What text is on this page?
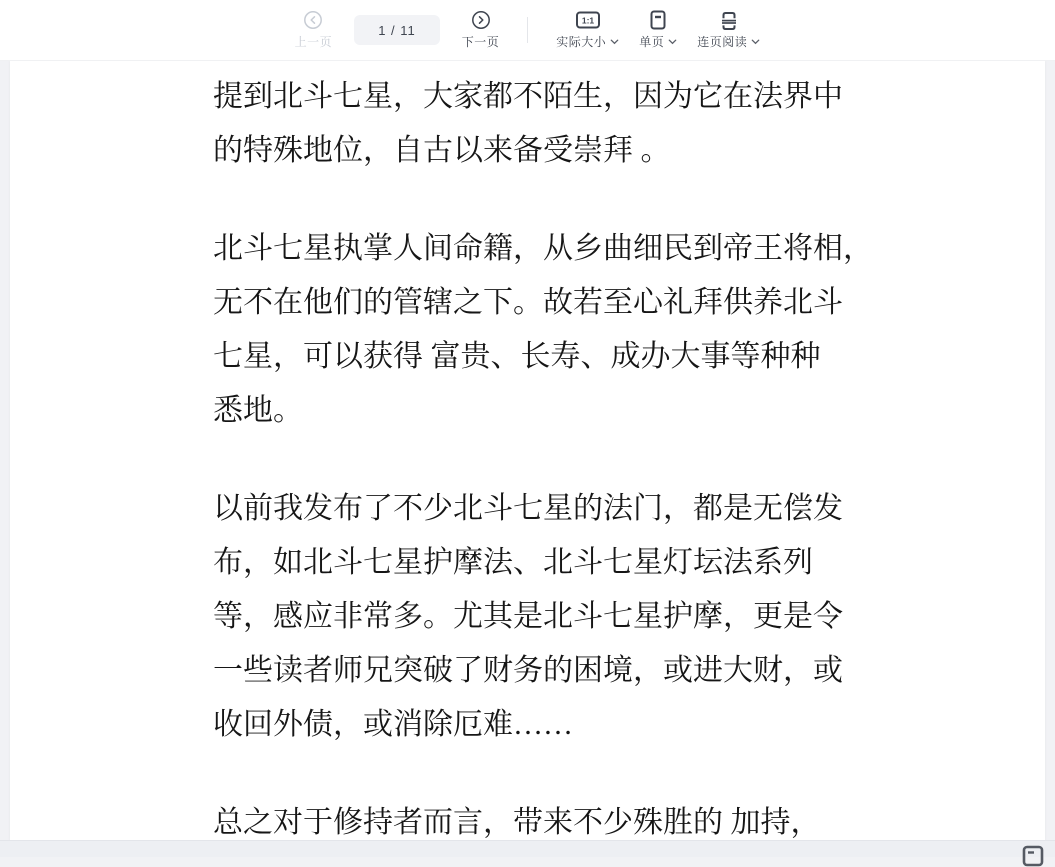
上一页
1 / 11
下一页
1:1
实际大小	单页	连页阅读
提到北斗七星，大家都不陌生，因为它在法界中
的特殊地位，自古以来备受崇拜 。
北斗七星执掌人间命籍，从乡曲细民到帝王将相，
无不在他们的管辖之下。故若至心礼拜供养北斗
七星，可以获得 富贵、长寿、成办大事等种种
悉地。
以前我发布了不少北斗七星的法门，都是无偿发
布，如北斗七星护摩法、北斗七星灯坛法系列
等，感应非常多。尤其是北斗七星护摩，更是令
一些读者师兄突破了财务的困境，或进大财，或
收回外债，或消除厄难……
总之对于修持者而言，带来不少殊胜的 加持，
